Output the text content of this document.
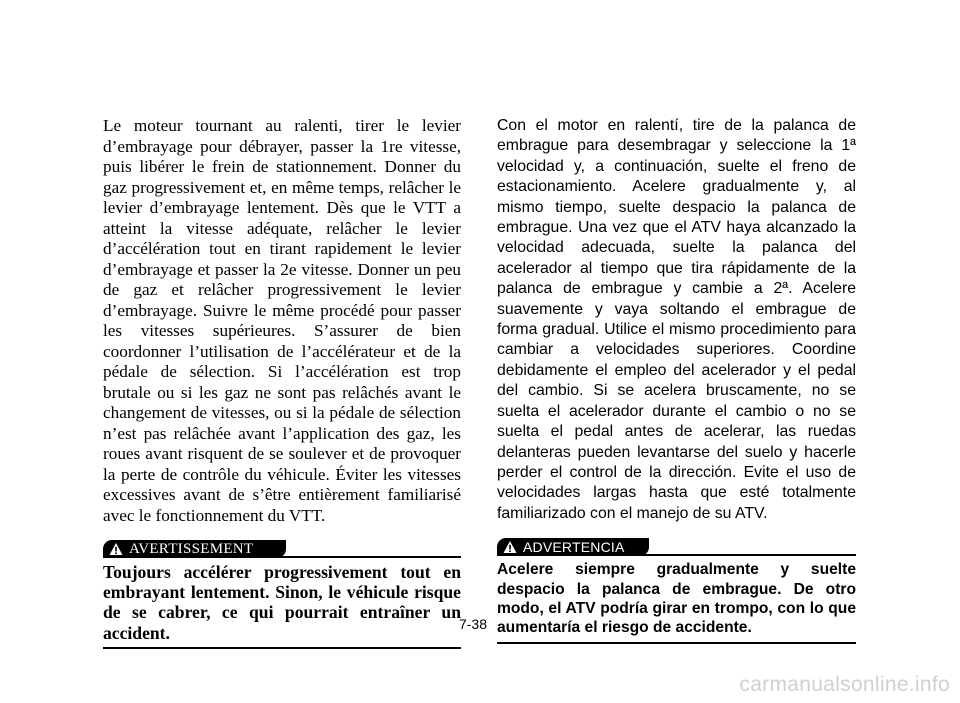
Le moteur tournant au ralenti, tirer le levier d’embrayage pour débrayer, passer la 1re vitesse, puis libérer le frein de stationnement. Donner du gaz progressivement et, en même temps, relâcher le levier d’embrayage lentement. Dès que le VTT a atteint la vitesse adéquate, relâcher le levier d’accélération tout en tirant rapidement le levier d’embrayage et passer la 2e vitesse. Donner un peu de gaz et relâcher progressivement le levier d’embrayage. Suivre le même procédé pour passer les vitesses supérieures. S’assurer de bien coordonner l’utilisation de l’accélérateur et de la pédale de sélection. Si l’accélération est trop brutale ou si les gaz ne sont pas relâchés avant le changement de vitesses, ou si la pédale de sélection n’est pas relâchée avant l’application des gaz, les roues avant risquent de se soulever et de provoquer la perte de contrôle du véhicule. Éviter les vitesses excessives avant de s’être entièrement familiarisé avec le fonctionnement du VTT.

AVERTISSEMENT

Toujours accélérer progressivement tout en embrayant lentement. Sinon, le véhicule risque de se cabrer, ce qui pourrait entraîner un accident.

Con el motor en ralentí, tire de la palanca de embrague para desembragar y seleccione la 1ª velocidad y, a continuación, suelte el freno de estacionamiento. Acelere gradualmente y, al mismo tiempo, suelte despacio la palanca de embrague. Una vez que el ATV haya alcanzado la velocidad adecuada, suelte la palanca del acelerador al tiempo que tira rápidamente de la palanca de embrague y cambie a 2ª. Acelere suavemente y vaya soltando el embrague de forma gradual. Utilice el mismo procedimiento para cambiar a velocidades superiores. Coordine debidamente el empleo del acelerador y el pedal del cambio. Si se acelera bruscamente, no se suelta el acelerador durante el cambio o no se suelta el pedal antes de acelerar, las ruedas delanteras pueden levantarse del suelo y hacerle perder el control de la dirección. Evite el uso de velocidades largas hasta que esté totalmente familiarizado con el manejo de su ATV.

ADVERTENCIA

Acelere siempre gradualmente y suelte despacio la palanca de embrague. De otro modo, el ATV podría girar en trompo, con lo que aumentaría el riesgo de accidente.

7-38
carmanualsonline.info
